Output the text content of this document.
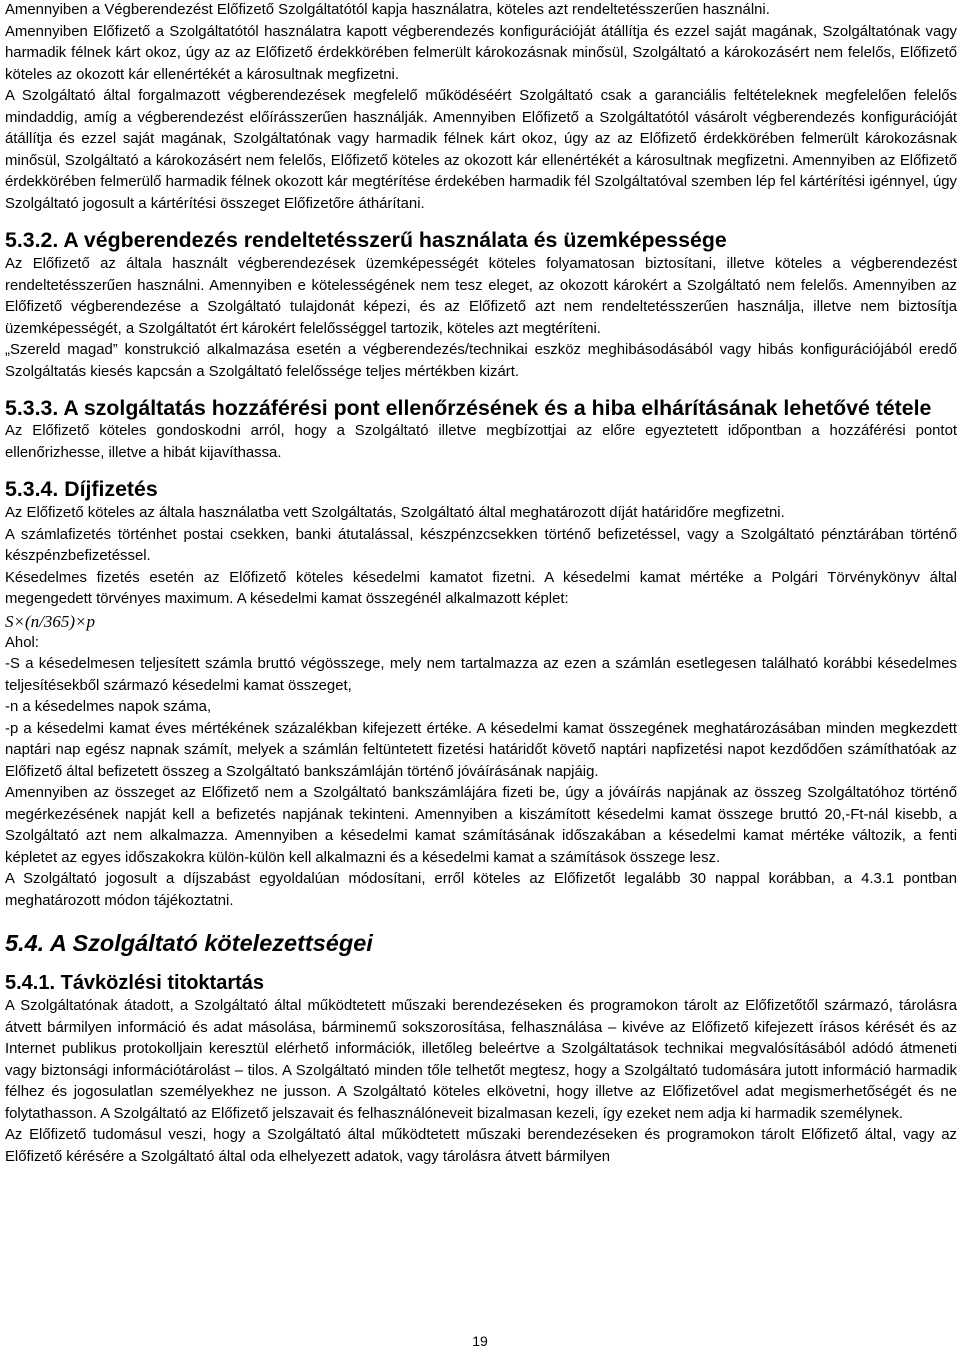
Amennyiben a Végberendezést Előfizető Szolgáltatótól kapja használatra, köteles azt rendeltetésszerűen használni.

Amennyiben Előfizető a Szolgáltatótól használatra kapott végberendezés konfigurációját átállítja és ezzel saját magának, Szolgáltatónak vagy harmadik félnek kárt okoz, úgy az az Előfizető érdekkörében felmerült károkozásnak minősül, Szolgáltató a károkozásért nem felelős, Előfizető köteles az okozott kár ellenértékét a károsultnak megfizetni.

A Szolgáltató által forgalmazott végberendezések megfelelő működéséért Szolgáltató csak a garanciális feltételeknek megfelelően felelős mindaddig, amíg a végberendezést előírásszerűen használják. Amennyiben Előfizető a Szolgáltatótól vásárolt végberendezés konfigurációját átállítja és ezzel saját magának, Szolgáltatónak vagy harmadik félnek kárt okoz, úgy az az Előfizető érdekkörében felmerült károkozásnak minősül, Szolgáltató a károkozásért nem felelős, Előfizető köteles az okozott kár ellenértékét a károsultnak megfizetni. Amennyiben az Előfizető érdekkörében felmerülő harmadik félnek okozott kár megtérítése érdekében harmadik fél Szolgáltatóval szemben lép fel kártérítési igénnyel, úgy Szolgáltató jogosult a kártérítési összeget Előfizetőre áthárítani.

5.3.2. A végberendezés rendeltetésszerű használata és üzemképessége

Az Előfizető az általa használt végberendezések üzemképességét köteles folyamatosan biztosítani, illetve köteles a végberendezést rendeltetésszerűen használni. Amennyiben e kötelességének nem tesz eleget, az okozott károkért a Szolgáltató nem felelős. Amennyiben az Előfizető végberendezése a Szolgáltató tulajdonát képezi, és az Előfizető azt nem rendeltetésszerűen használja, illetve nem biztosítja üzemképességét, a Szolgáltatót ért károkért felelősséggel tartozik, köteles azt megtéríteni.

„Szereld magad” konstrukció alkalmazása esetén a végberendezés/technikai eszköz meghibásodásából vagy hibás konfigurációjából eredő Szolgáltatás kiesés kapcsán a Szolgáltató felelőssége teljes mértékben kizárt.

5.3.3. A szolgáltatás hozzáférési pont ellenőrzésének és a hiba elhárításának lehetővé tétele

Az Előfizető köteles gondoskodni arról, hogy a Szolgáltató illetve megbízottjai az előre egyeztetett időpontban a hozzáférési pontot ellenőrizhesse, illetve a hibát kijavíthassa.

5.3.4. Díjfizetés

Az Előfizető köteles az általa használatba vett Szolgáltatás, Szolgáltató által meghatározott díját határidőre megfizetni.

A számlafizetés történhet postai csekken, banki átutalással, készpénzcsekken történő befizetéssel, vagy a Szolgáltató pénztárában történő készpénzbefizetéssel.

Késedelmes fizetés esetén az Előfizető köteles késedelmi kamatot fizetni. A késedelmi kamat mértéke a Polgári Törvénykönyv által megengedett törvényes maximum. A késedelmi kamat összegénél alkalmazott képlet:

S×(n/365)×p

Ahol:

-S a késedelmesen teljesített számla bruttó végösszege, mely nem tartalmazza az ezen a számlán esetlegesen található korábbi késedelmes teljesítésekből származó késedelmi kamat összeget,

-n a késedelmes napok száma,

-p a késedelmi kamat éves mértékének százalékban kifejezett értéke. A késedelmi kamat összegének meghatározásában minden megkezdett naptári nap egész napnak számít, melyek a számlán feltüntetett fizetési határidőt követő naptári napfizetési napot kezdődően számíthatóak az Előfizető által befizetett összeg a Szolgáltató bankszámláján történő jóváírásának napjáig.

Amennyiben az összeget az Előfizető nem a Szolgáltató bankszámlájára fizeti be, úgy a jóváírás napjának az összeg Szolgáltatóhoz történő megérkezésének napját kell a befizetés napjának tekinteni. Amennyiben a kiszámított késedelmi kamat összege bruttó 20,-Ft-nál kisebb, a Szolgáltató azt nem alkalmazza. Amennyiben a késedelmi kamat számításának időszakában a késedelmi kamat mértéke változik, a fenti képletet az egyes időszakokra külön-külön kell alkalmazni és a késedelmi kamat a számítások összege lesz.

A Szolgáltató jogosult a díjszabást egyoldalúan módosítani, erről köteles az Előfizetőt legalább 30 nappal korábban, a 4.3.1 pontban meghatározott módon tájékoztatni.

5.4. A Szolgáltató kötelezettségei
5.4.1. Távközlési titoktartás

A Szolgáltatónak átadott, a Szolgáltató által működtetett műszaki berendezéseken és programokon tárolt az Előfizetőtől származó, tárolásra átvett bármilyen információ és adat másolása, bárminemű sokszorosítása, felhasználása – kivéve az Előfizető kifejezett írásos kérését és az Internet publikus protokolljain keresztül elérhető információk, illetőleg beleértve a Szolgáltatások technikai megvalósításából adódó átmeneti vagy biztonsági információtárolást – tilos. A Szolgáltató minden tőle telhetőt megtesz, hogy a Szolgáltató tudomására jutott információ harmadik félhez és jogosulatlan személyekhez ne jusson. A Szolgáltató köteles elkövetni, hogy illetve az Előfizetővel adat megismerhetőségét és ne folytathasson. A Szolgáltató az Előfizető jelszavait és felhasználóneveit bizalmasan kezeli, így ezeket nem adja ki harmadik személynek.

Az Előfizető tudomásul veszi, hogy a Szolgáltató által működtetett műszaki berendezéseken és programokon tárolt Előfizető által, vagy az Előfizető kérésére a Szolgáltató által oda elhelyezett adatok, vagy tárolásra átvett bármilyen

19
